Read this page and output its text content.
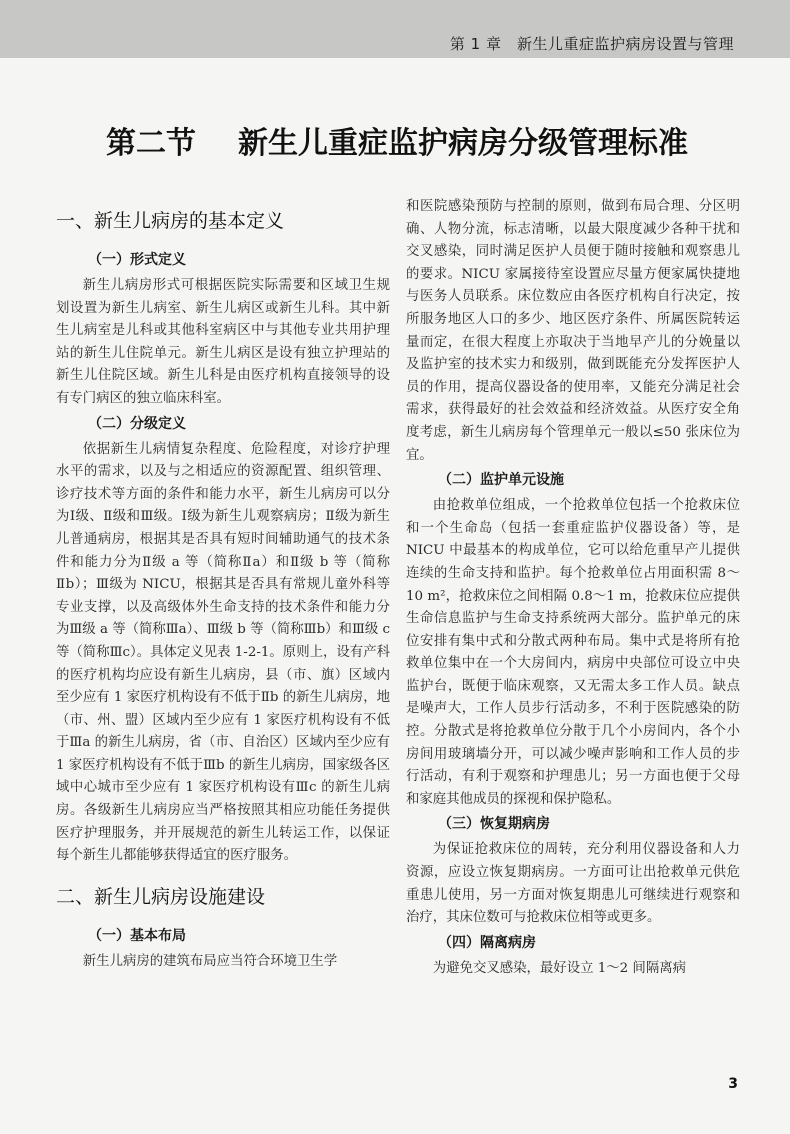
第 1 章　新生儿重症监护病房设置与管理
第二节 新生儿重症监护病房分级管理标准
一、新生儿病房的基本定义
（一）形式定义

新生儿病房形式可根据医院实际需要和区域卫生规划设置为新生儿病室、新生儿病区或新生儿科。其中新生儿病室是儿科或其他科室病区中与其他专业共用护理站的新生儿住院单元。新生儿病区是设有独立护理站的新生儿住院区域。新生儿科是由医疗机构直接领导的设有专门病区的独立临床科室。

（二）分级定义

依据新生儿病情复杂程度、危险程度，对诊疗护理水平的需求，以及与之相适应的资源配置、组织管理、诊疗技术等方面的条件和能力水平，新生儿病房可以分为Ⅰ级、Ⅱ级和Ⅲ级。Ⅰ级为新生儿观察病房；Ⅱ级为新生儿普通病房，根据其是否具有短时间辅助通气的技术条件和能力分为Ⅱ级 a 等（简称Ⅱa）和Ⅱ级 b 等（简称Ⅱb）；Ⅲ级为 NICU，根据其是否具有常规儿童外科等专业支撑，以及高级体外生命支持的技术条件和能力分为Ⅲ级 a 等（简称Ⅲa）、Ⅲ级 b 等（简称Ⅲb）和Ⅲ级 c 等（简称Ⅲc）。具体定义见表 1-2-1。原则上，设有产科的医疗机构均应设有新生儿病房，县（市、旗）区域内至少应有 1 家医疗机构设有不低于Ⅱb 的新生儿病房，地（市、州、盟）区域内至少应有 1 家医疗机构设有不低于Ⅲa 的新生儿病房，省（市、自治区）区域内至少应有 1 家医疗机构设有不低于Ⅲb 的新生儿病房，国家级各区域中心城市至少应有 1 家医疗机构设有Ⅲc 的新生儿病房。各级新生儿病房应当严格按照其相应功能任务提供医疗护理服务，并开展规范的新生儿转运工作，以保证每个新生儿都能够获得适宜的医疗服务。

二、新生儿病房设施建设
（一）基本布局

新生儿病房的建筑布局应当符合环境卫生学

和医院感染预防与控制的原则，做到布局合理、分区明确、人物分流，标志清晰，以最大限度减少各种干扰和交叉感染，同时满足医护人员便于随时接触和观察患儿的要求。NICU 家属接待室设置应尽量方便家属快捷地与医务人员联系。床位数应由各医疗机构自行决定，按所服务地区人口的多少、地区医疗条件、所属医院转运量而定，在很大程度上亦取决于当地早产儿的分娩量以及监护室的技术实力和级别，做到既能充分发挥医护人员的作用，提高仪器设备的使用率，又能充分满足社会需求，获得最好的社会效益和经济效益。从医疗安全角度考虑，新生儿病房每个管理单元一般以≤50 张床位为宜。

（二）监护单元设施

由抢救单位组成，一个抢救单位包括一个抢救床位和一个生命岛（包括一套重症监护仪器设备）等，是 NICU 中最基本的构成单位，它可以给危重早产儿提供连续的生命支持和监护。每个抢救单位占用面积需 8～10 m²，抢救床位之间相隔 0.8～1 m，抢救床位应提供生命信息监护与生命支持系统两大部分。监护单元的床位安排有集中式和分散式两种布局。集中式是将所有抢救单位集中在一个大房间内，病房中央部位可设立中央监护台，既便于临床观察，又无需太多工作人员。缺点是噪声大，工作人员步行活动多，不利于医院感染的防控。分散式是将抢救单位分散于几个小房间内，各个小房间用玻璃墙分开，可以减少噪声影响和工作人员的步行活动，有利于观察和护理患儿；另一方面也便于父母和家庭其他成员的探视和保护隐私。

（三）恢复期病房

为保证抢救床位的周转，充分利用仪器设备和人力资源，应设立恢复期病房。一方面可让出抢救单元供危重患儿使用，另一方面对恢复期患儿可继续进行观察和治疗，其床位数可与抢救床位相等或更多。

（四）隔离病房

为避免交叉感染，最好设立 1～2 间隔离病

3
